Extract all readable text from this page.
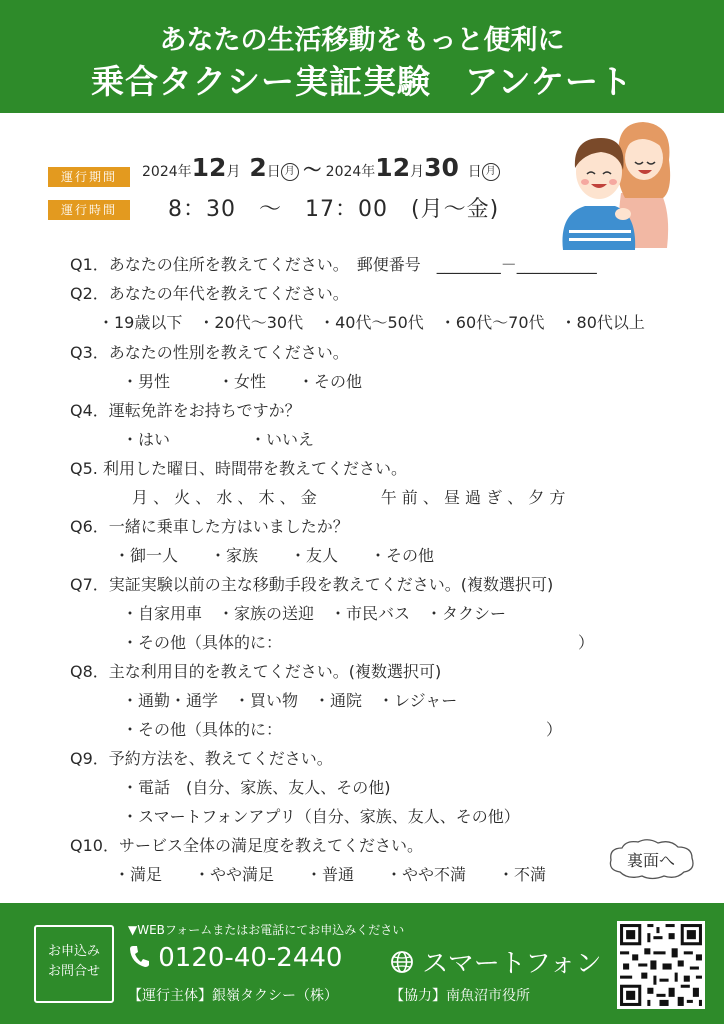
あなたの生活移動をもっと便利に
乗合タクシー実証実験　アンケート
運行期間
運行時間
2024年12月 2日 月 ～ 2024年12月30 日 月
8：30　～　17：00　(月～金)
Q1．あなたの住所を教えてください。　郵便番号　________－__________
Q2．あなたの年代を教えてください。
・19歳以下　・20代～30代　・40代～50代　・60代～70代　・80代以上
Q3．あなたの性別を教えてください。
・男性　　　・女性　　・その他
Q4．運転免許をお持ちですか？
・はい　　　　　・いいえ
Q5. 利用した曜日、時間帯を教えてください。
月 、 火 、 水 、 木 、 金　　　　午 前 、 昼 過 ぎ 、 夕 方
Q6．一緒に乗車した方はいましたか？
・御一人　　・家族　　・友人　　・その他
Q7．実証実験以前の主な移動手段を教えてください。(複数選択可)
・自家用車　・家族の送迎　・市民バス　・タクシー
・その他（具体的に：　　　　　　　　　　　　　　　　　　　）
Q8．主な利用目的を教えてください。(複数選択可)
・通勤・通学　・買い物　・通院　・レジャー
・その他（具体的に：　　　　　　　　　　　　　　　　　）
Q9．予約方法を、教えてください。
・電話　(自分、家族、友人、その他)
・スマートフォンアプリ（自分、家族、友人、その他）
Q10．サービス全体の満足度を教えてください。
・満足　　・やや満足　　・普通　　・やや不満　　・不満
裏面へ
お申込み
お問合せ
▼WEBフォームまたはお電話にてお申込みください
0120-40-2440	スマートフォン
【運行主体】銀嶺タクシー（株）	【協力】南魚沼市役所
